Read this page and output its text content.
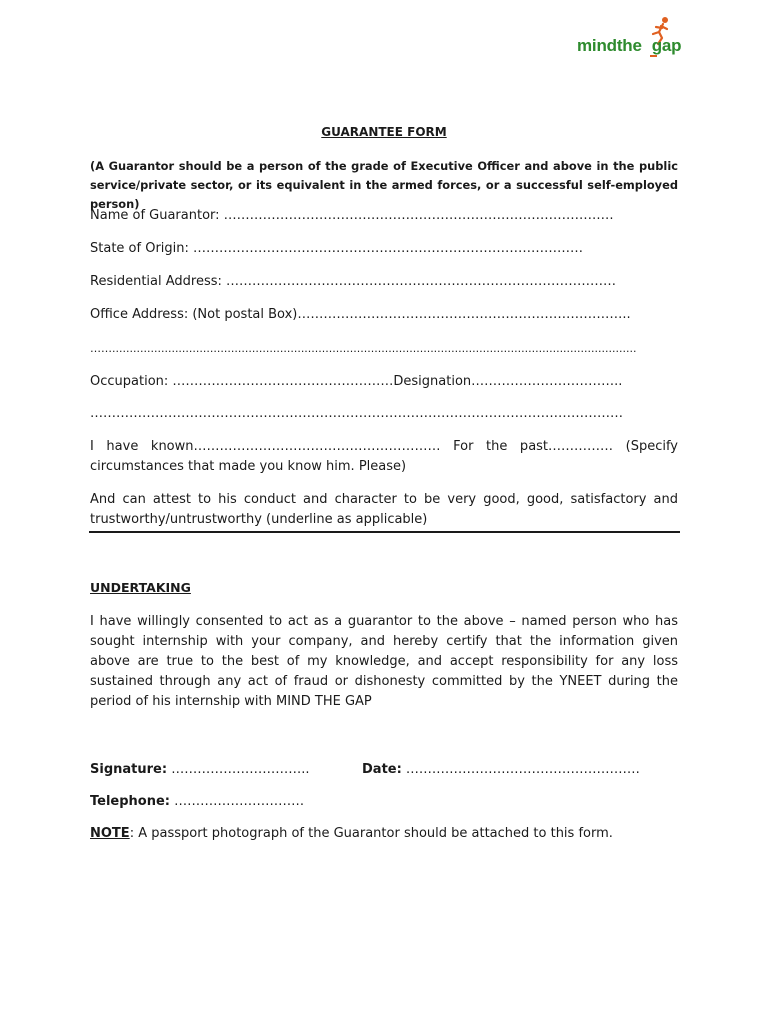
mindthe gap
GUARANTEE FORM
(A Guarantor should be a person of the grade of Executive Officer and above in the public service/private sector, or its equivalent in the armed forces, or a successful self-employed person)
Name of Guarantor: ………………………………………………………………………………
State of Origin: ………………………………………………………………………………
Residential Address: ………………………………………………………………………………
Office Address: (Not postal Box)…………………………………………………………………..
……......................................................................................................................................................
Occupation: ……………………………………………Designation……………………………..
……………………………………………………………………………………………………………
I have known………………………………………………… For the past…………… (Specify circumstances that made you know him. Please)
And can attest to his conduct and character to be very good, good, satisfactory and trustworthy/untrustworthy (underline as applicable)
UNDERTAKING
I have willingly consented to act as a guarantor to the above – named person who has sought internship with your company, and hereby certify that the information given above are true to the best of my knowledge, and accept responsibility for any loss sustained through any act of fraud or dishonesty committed by the YNEET during the period of his internship with MIND THE GAP
Signature: …………………………..	Date: ………………………………………………
Telephone: …………………………
NOTE: A passport photograph of the Guarantor should be attached to this form.
